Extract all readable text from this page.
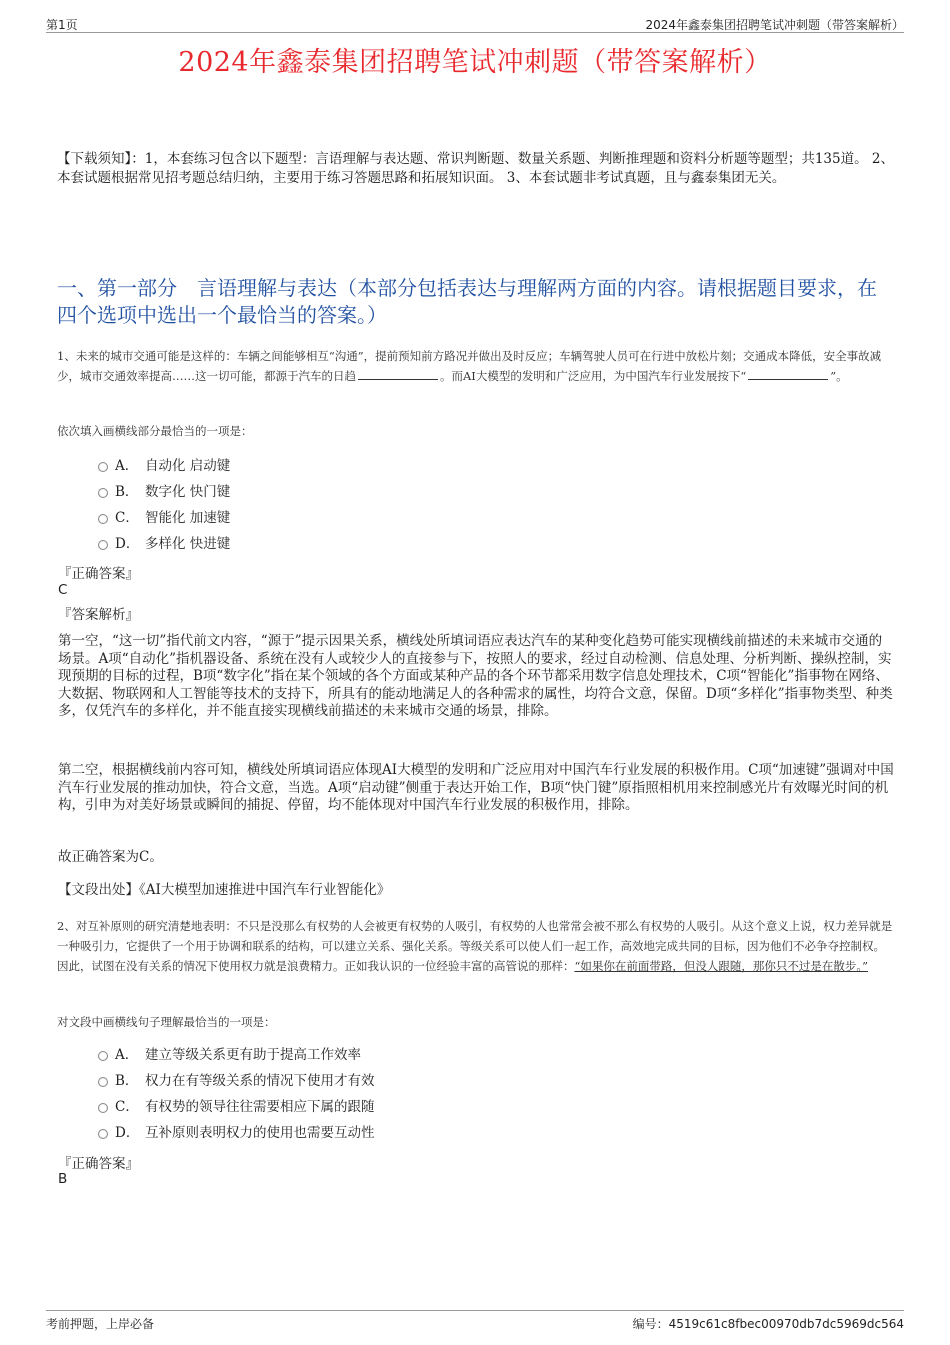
第1页	2024年鑫泰集团招聘笔试冲刺题（带答案解析）
2024年鑫泰集团招聘笔试冲刺题（带答案解析）
【下载须知】：1，本套练习包含以下题型：言语理解与表达题、常识判断题、数量关系题、判断推理题和资料分析题等题型；共135道。 2、本套试题根据常见招考题总结归纳，主要用于练习答题思路和拓展知识面。 3、本套试题非考试真题，且与鑫泰集团无关。
一、第一部分　言语理解与表达（本部分包括表达与理解两方面的内容。请根据题目要求，在四个选项中选出一个最恰当的答案。）
1、未来的城市交通可能是这样的：车辆之间能够相互“沟通”，提前预知前方路况并做出及时反应；车辆驾驶人员可在行进中放松片刻；交通成本降低，安全事故减少，城市交通效率提高……这一切可能，都源于汽车的日趋	。而AI大模型的发明和广泛应用，为中国汽车行业发展按下“	”。
依次填入画横线部分最恰当的一项是：
A． 自动化 启动键
B． 数字化 快门键
C． 智能化 加速键
D． 多样化 快进键
『正确答案』
C
『答案解析』
第一空，“这一切”指代前文内容，“源于”提示因果关系，横线处所填词语应表达汽车的某种变化趋势可能实现横线前描述的未来城市交通的场景。A项“自动化”指机器设备、系统在没有人或较少人的直接参与下，按照人的要求，经过自动检测、信息处理、分析判断、操纵控制，实现预期的目标的过程，B项“数字化”指在某个领域的各个方面或某种产品的各个环节都采用数字信息处理技术，C项“智能化”指事物在网络、大数据、物联网和人工智能等技术的支持下，所具有的能动地满足人的各种需求的属性，均符合文意，保留。D项“多样化”指事物类型、种类多，仅凭汽车的多样化，并不能直接实现横线前描述的未来城市交通的场景，排除。
第二空，根据横线前内容可知，横线处所填词语应体现AI大模型的发明和广泛应用对中国汽车行业发展的积极作用。C项“加速键”强调对中国汽车行业发展的推动加快，符合文意，当选。A项“启动键”侧重于表达开始工作，B项“快门键”原指照相机用来控制感光片有效曝光时间的机构，引申为对美好场景或瞬间的捕捉、停留，均不能体现对中国汽车行业发展的积极作用，排除。
故正确答案为C。
【文段出处】《AI大模型加速推进中国汽车行业智能化》
2、对互补原则的研究清楚地表明：不只是没那么有权势的人会被更有权势的人吸引，有权势的人也常常会被不那么有权势的人吸引。从这个意义上说，权力差异就是一种吸引力，它提供了一个用于协调和联系的结构，可以建立关系、强化关系。等级关系可以使人们一起工作，高效地完成共同的目标，因为他们不必争夺控制权。因此，试图在没有关系的情况下使用权力就是浪费精力。正如我认识的一位经验丰富的高管说的那样：“如果你在前面带路，但没人跟随，那你只不过是在散步。”
对文段中画横线句子理解最恰当的一项是：
A． 建立等级关系更有助于提高工作效率
B． 权力在有等级关系的情况下使用才有效
C． 有权势的领导往往需要相应下属的跟随
D． 互补原则表明权力的使用也需要互动性
『正确答案』
B
考前押题，上岸必备	编号：4519c61c8fbec00970db7dc5969dc564
